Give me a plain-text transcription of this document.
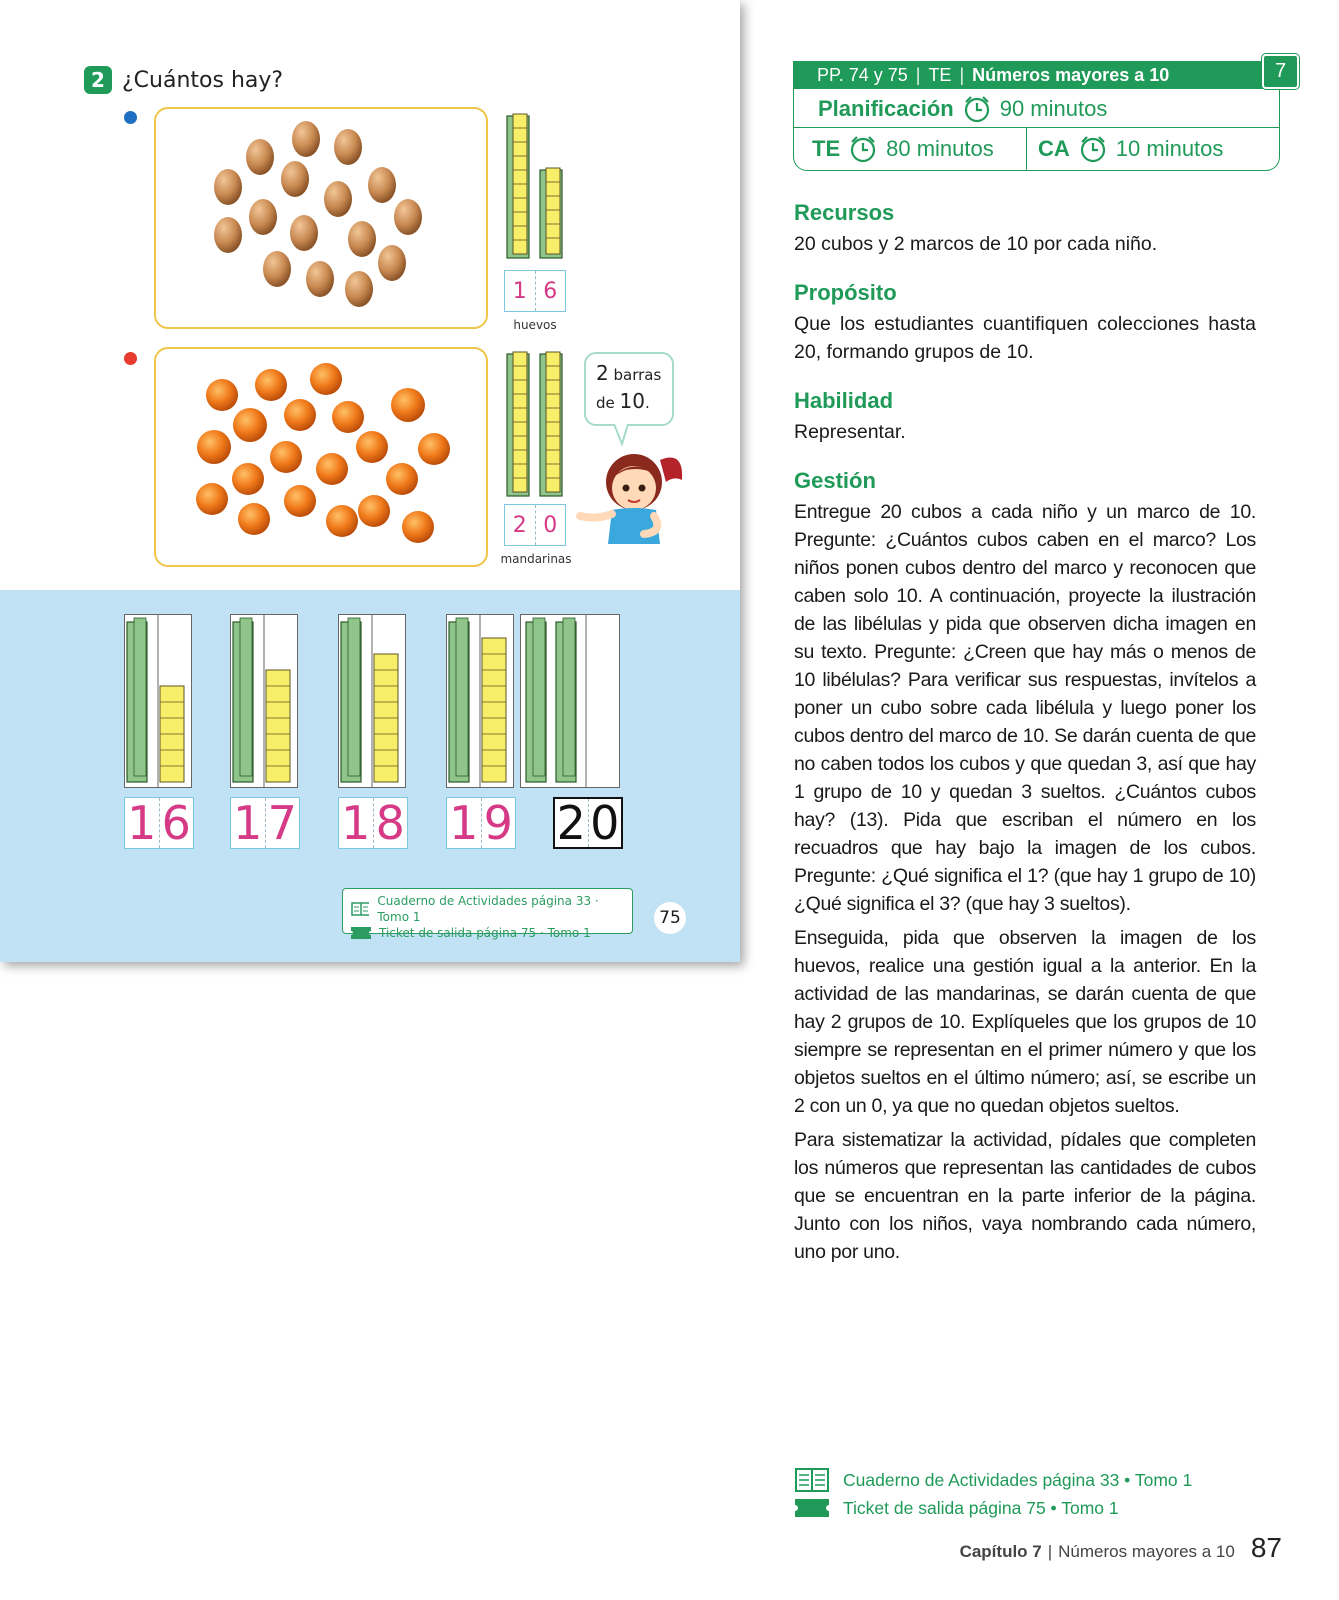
2 ¿Cuántos hay?
1 6
huevos
2 0
mandarinas
2 barras
de 10.
1 6 1 7 1 8 1 9 2 0
Cuaderno de Actividades página 33 · Tomo 1
Ticket de salida página 75 · Tomo 1
75
PP. 74 y 75 | TE | Números mayores a 10	7
Planificación 90 minutos
TE 80 minutos CA 10 minutos
Recursos

20 cubos y 2 marcos de 10 por cada niño.

Propósito

Que los estudiantes cuantifiquen colecciones hasta 20, formando grupos de 10.

Habilidad

Representar.

Gestión

Entregue 20 cubos a cada niño y un marco de 10. Pregunte: ¿Cuántos cubos caben en el marco? Los niños ponen cubos dentro del marco y reconocen que caben solo 10. A continuación, proyecte la ilustración de las libélulas y pida que observen dicha imagen en su texto. Pregunte: ¿Creen que hay más o menos de 10 libélulas? Para verificar sus respuestas, invítelos a poner un cubo sobre cada libélula y luego poner los cubos dentro del marco de 10. Se darán cuenta de que no caben todos los cubos y que quedan 3, así que hay 1 grupo de 10 y quedan 3 sueltos. ¿Cuántos cubos hay? (13). Pida que escriban el número en los recuadros que hay bajo la imagen de los cubos. Pregunte: ¿Qué significa el 1? (que hay 1 grupo de 10) ¿Qué significa el 3? (que hay 3 sueltos).

Enseguida, pida que observen la imagen de los huevos, realice una gestión igual a la anterior. En la actividad de las mandarinas, se darán cuenta de que hay 2 grupos de 10. Explíqueles que los grupos de 10 siempre se representan en el primer número y que los objetos sueltos en el último número; así, se escribe un 2 con un 0, ya que no quedan objetos sueltos.

Para sistematizar la actividad, pídales que completen los números que representan las cantidades de cubos que se encuentran en la parte inferior de la página. Junto con los niños, vaya nombrando cada número, uno por uno.

Cuaderno de Actividades página 33 • Tomo 1
Ticket de salida página 75 • Tomo 1
Capítulo 7 | Números mayores a 10 87
